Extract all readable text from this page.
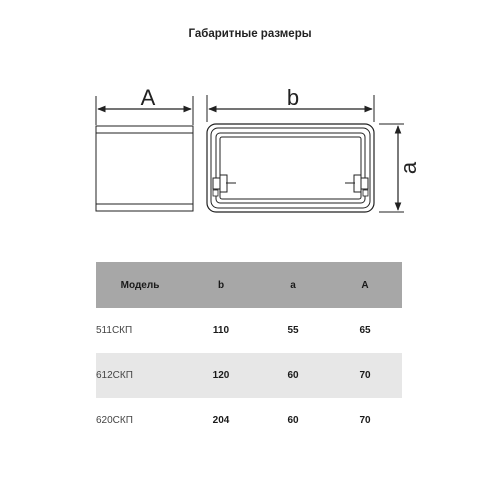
Габаритные размеры
A	b
a
Модель	b	a	A
511СКП	110	55	65
612СКП	120	60	70
620СКП	204	60	70
